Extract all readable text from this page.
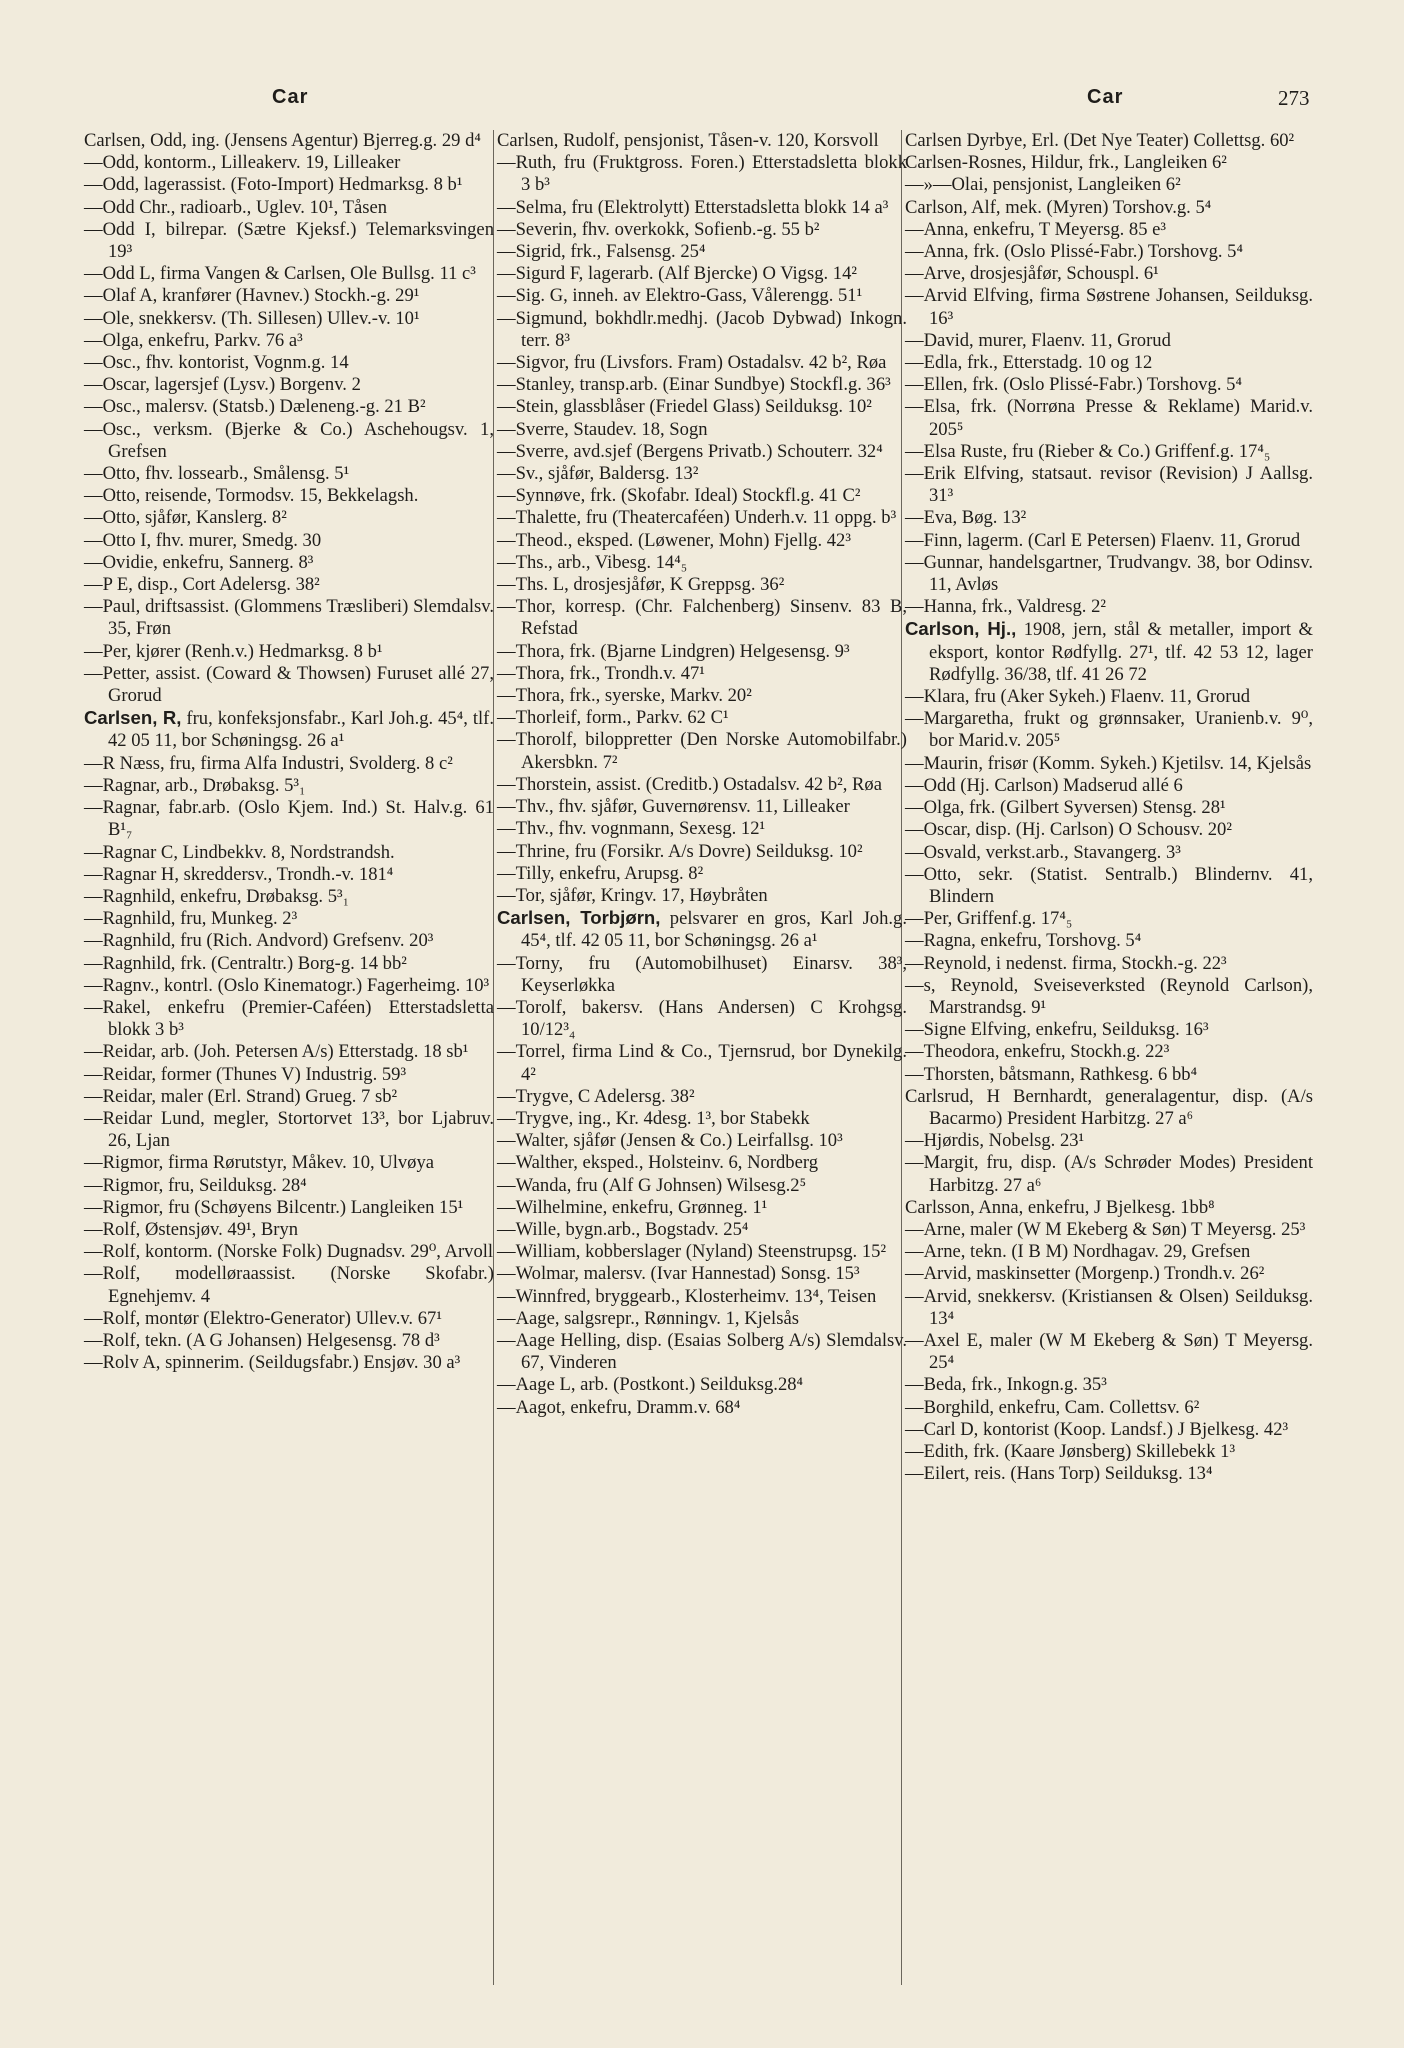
Car	Car	273
Carlsen, Odd, ing. (Jensens Agentur) Bjerreg.g. 29 d⁴
—Odd, kontorm., Lilleakerv. 19, Lilleaker
—Odd, lagerassist. (Foto-Import) Hedmarksg. 8 b¹
—Odd Chr., radioarb., Uglev. 10¹, Tåsen
—Odd I, bilrepar. (Sætre Kjeksf.) Telemarksvingen 19³
—Odd L, firma Vangen & Carlsen, Ole Bullsg. 11 c³
—Olaf A, kranfører (Havnev.) Stockh.-g. 29¹
—Ole, snekkersv. (Th. Sillesen) Ullev.-v. 10¹
—Olga, enkefru, Parkv. 76 a³
—Osc., fhv. kontorist, Vognm.g. 14
—Oscar, lagersjef (Lysv.) Borgenv. 2
—Osc., malersv. (Statsb.) Dæleneng.-g. 21 B²
—Osc., verksm. (Bjerke & Co.) Aschehougsv. 1, Grefsen
—Otto, fhv. lossearb., Smålensg. 5¹
—Otto, reisende, Tormodsv. 15, Bekkelagsh.
—Otto, sjåfør, Kanslerg. 8²
—Otto I, fhv. murer, Smedg. 30
—Ovidie, enkefru, Sannerg. 8³
—P E, disp., Cort Adelersg. 38²
—Paul, driftsassist. (Glommens Træsliberi) Slemdalsv. 35, Frøn
—Per, kjører (Renh.v.) Hedmarksg. 8 b¹
—Petter, assist. (Coward & Thowsen) Furuset allé 27, Grorud
Carlsen, R, fru, konfeksjonsfabr., Karl Joh.g. 45⁴, tlf. 42 05 11, bor Schøningsg. 26 a¹
—R Næss, fru, firma Alfa Industri, Svolderg. 8 c²
—Ragnar, arb., Drøbaksg. 5³₁
—Ragnar, fabr.arb. (Oslo Kjem. Ind.) St. Halv.g. 61 B¹₇
—Ragnar C, Lindbekkv. 8, Nordstrandsh.
—Ragnar H, skreddersv., Trondh.-v. 181⁴
—Ragnhild, enkefru, Drøbaksg. 5³₁
—Ragnhild, fru, Munkeg. 2³
—Ragnhild, fru (Rich. Andvord) Grefsenv. 20³
—Ragnhild, frk. (Centraltr.) Borg-g. 14 bb²
—Ragnv., kontrl. (Oslo Kinematogr.) Fagerheimg. 10³
—Rakel, enkefru (Premier-Caféen) Etterstadsletta blokk 3 b³
—Reidar, arb. (Joh. Petersen A/s) Etterstadg. 18 sb¹
—Reidar, former (Thunes V) Industrig. 59³
—Reidar, maler (Erl. Strand) Grueg. 7 sb²
—Reidar Lund, megler, Stortorvet 13³, bor Ljabruv. 26, Ljan
—Rigmor, firma Rørutstyr, Måkev. 10, Ulvøya
—Rigmor, fru, Seilduksg. 28⁴
—Rigmor, fru (Schøyens Bilcentr.) Langleiken 15¹
—Rolf, Østensjøv. 49¹, Bryn
—Rolf, kontorm. (Norske Folk) Dugnadsv. 29⁰, Arvoll
—Rolf, modelløraassist. (Norske Skofabr.) Egnehjemv. 4
—Rolf, montør (Elektro-Generator) Ullev.v. 67¹
—Rolf, tekn. (A G Johansen) Helgesensg. 78 d³
—Rolv A, spinnerim. (Seildugsfabr.) Ensjøv. 30 a³
Carlsen, Rudolf, pensjonist, Tåsen-v. 120, Korsvoll
—Ruth, fru (Fruktgross. Foren.) Etterstadsletta blokk 3 b³
—Selma, fru (Elektrolytt) Etterstadsletta blokk 14 a³
—Severin, fhv. overkokk, Sofienb.-g. 55 b²
—Sigrid, frk., Falsensg. 25⁴
—Sigurd F, lagerarb. (Alf Bjercke) O Vigsg. 14²
—Sig. G, inneh. av Elektro-Gass, Vålerengg. 51¹
—Sigmund, bokhdlr.medhj. (Jacob Dybwad) Inkogn. terr. 8³
—Sigvor, fru (Livsfors. Fram) Ostadalsv. 42 b², Røa
—Stanley, transp.arb. (Einar Sundbye) Stockfl.g. 36³
—Stein, glassblåser (Friedel Glass) Seilduksg. 10²
—Sverre, Staudev. 18, Sogn
—Sverre, avd.sjef (Bergens Privatb.) Schouterr. 32⁴
—Sv., sjåfør, Baldersg. 13²
—Synnøve, frk. (Skofabr. Ideal) Stockfl.g. 41 C²
—Thalette, fru (Theatercaféen) Underh.v. 11 oppg. b³
—Theod., eksped. (Løwener, Mohn) Fjellg. 42³
—Ths., arb., Vibesg. 14⁴₅
—Ths. L, drosjesjåfør, K Greppsg. 36²
—Thor, korresp. (Chr. Falchenberg) Sinsenv. 83 B, Refstad
—Thora, frk. (Bjarne Lindgren) Helgesensg. 9³
—Thora, frk., Trondh.v. 47¹
—Thora, frk., syerske, Markv. 20²
—Thorleif, form., Parkv. 62 C¹
—Thorolf, biloppretter (Den Norske Automobilfabr.) Akersbkn. 7²
—Thorstein, assist. (Creditb.) Ostadalsv. 42 b², Røa
—Thv., fhv. sjåfør, Guvernørensv. 11, Lilleaker
—Thv., fhv. vognmann, Sexesg. 12¹
—Thrine, fru (Forsikr. A/s Dovre) Seilduksg. 10²
—Tilly, enkefru, Arupsg. 8²
—Tor, sjåfør, Kringv. 17, Høybråten
Carlsen, Torbjørn, pelsvarer en gros, Karl Joh.g. 45⁴, tlf. 42 05 11, bor Schøningsg. 26 a¹
—Torny, fru (Automobilhuset) Einarsv. 38³, Keyserløkka
—Torolf, bakersv. (Hans Andersen) C Krohgsg. 10/12³₄
—Torrel, firma Lind & Co., Tjernsrud, bor Dynekilg. 4²
—Trygve, C Adelersg. 38²
—Trygve, ing., Kr. 4desg. 1³, bor Stabekk
—Walter, sjåfør (Jensen & Co.) Leirfallsg. 10³
—Walther, eksped., Holsteinv. 6, Nordberg
—Wanda, fru (Alf G Johnsen) Wilsesg.2⁵
—Wilhelmine, enkefru, Grønneg. 1¹
—Wille, bygn.arb., Bogstadv. 25⁴
—William, kobberslager (Nyland) Steenstrupsg. 15²
—Wolmar, malersv. (Ivar Hannestad) Sonsg. 15³
—Winnfred, bryggearb., Klosterheimv. 13⁴, Teisen
—Aage, salgsrepr., Rønningv. 1, Kjelsås
—Aage Helling, disp. (Esaias Solberg A/s) Slemdalsv. 67, Vinderen
—Aage L, arb. (Postkont.) Seilduksg.28⁴
—Aagot, enkefru, Dramm.v. 68⁴
Carlsen Dyrbye, Erl. (Det Nye Teater) Collettsg. 60²
Carlsen-Rosnes, Hildur, frk., Langleiken 6²
—»—Olai, pensjonist, Langleiken 6²
Carlson, Alf, mek. (Myren) Torshov.g. 5⁴
—Anna, enkefru, T Meyersg. 85 e³
—Anna, frk. (Oslo Plissé-Fabr.) Torshovg. 5⁴
—Arve, drosjesjåfør, Schouspl. 6¹
—Arvid Elfving, firma Søstrene Johansen, Seilduksg. 16³
—David, murer, Flaenv. 11, Grorud
—Edla, frk., Etterstadg. 10 og 12
—Ellen, frk. (Oslo Plissé-Fabr.) Torshovg. 5⁴
—Elsa, frk. (Norrøna Presse & Reklame) Marid.v. 205⁵
—Elsa Ruste, fru (Rieber & Co.) Griffenf.g. 17⁴₅
—Erik Elfving, statsaut. revisor (Revision) J Aallsg. 31³
—Eva, Bøg. 13²
—Finn, lagerm. (Carl E Petersen) Flaenv. 11, Grorud
—Gunnar, handelsgartner, Trudvangv. 38, bor Odinsv. 11, Avløs
—Hanna, frk., Valdresg. 2²
Carlson, Hj., 1908, jern, stål & metaller, import & eksport, kontor Rødfyllg. 27¹, tlf. 42 53 12, lager Rødfyllg. 36/38, tlf. 41 26 72
—Klara, fru (Aker Sykeh.) Flaenv. 11, Grorud
—Margaretha, frukt og grønnsaker, Uranienb.v. 9⁰, bor Marid.v. 205⁵
—Maurin, frisør (Komm. Sykeh.) Kjetilsv. 14, Kjelsås
—Odd (Hj. Carlson) Madserud allé 6
—Olga, frk. (Gilbert Syversen) Stensg. 28¹
—Oscar, disp. (Hj. Carlson) O Schousv. 20²
—Osvald, verkst.arb., Stavangerg. 3³
—Otto, sekr. (Statist. Sentralb.) Blindernv. 41, Blindern
—Per, Griffenf.g. 17⁴₅
—Ragna, enkefru, Torshovg. 5⁴
—Reynold, i nedenst. firma, Stockh.-g. 22³
—s, Reynold, Sveiseverksted (Reynold Carlson), Marstrandsg. 9¹
—Signe Elfving, enkefru, Seilduksg. 16³
—Theodora, enkefru, Stockh.g. 22³
—Thorsten, båtsmann, Rathkesg. 6 bb⁴
Carlsrud, H Bernhardt, generalagentur, disp. (A/s Bacarmo) President Harbitzg. 27 a⁶
—Hjørdis, Nobelsg. 23¹
—Margit, fru, disp. (A/s Schrøder Modes) President Harbitzg. 27 a⁶
Carlsson, Anna, enkefru, J Bjelkesg. 1bb⁸
—Arne, maler (W M Ekeberg & Søn) T Meyersg. 25³
—Arne, tekn. (I B M) Nordhagav. 29, Grefsen
—Arvid, maskinsetter (Morgenp.) Trondh.v. 26²
—Arvid, snekkersv. (Kristiansen & Olsen) Seilduksg. 13⁴
—Axel E, maler (W M Ekeberg & Søn) T Meyersg. 25⁴
—Beda, frk., Inkogn.g. 35³
—Borghild, enkefru, Cam. Collettsv. 6²
—Carl D, kontorist (Koop. Landsf.) J Bjelkesg. 42³
—Edith, frk. (Kaare Jønsberg) Skillebekk 1³
—Eilert, reis. (Hans Torp) Seilduksg. 13⁴
